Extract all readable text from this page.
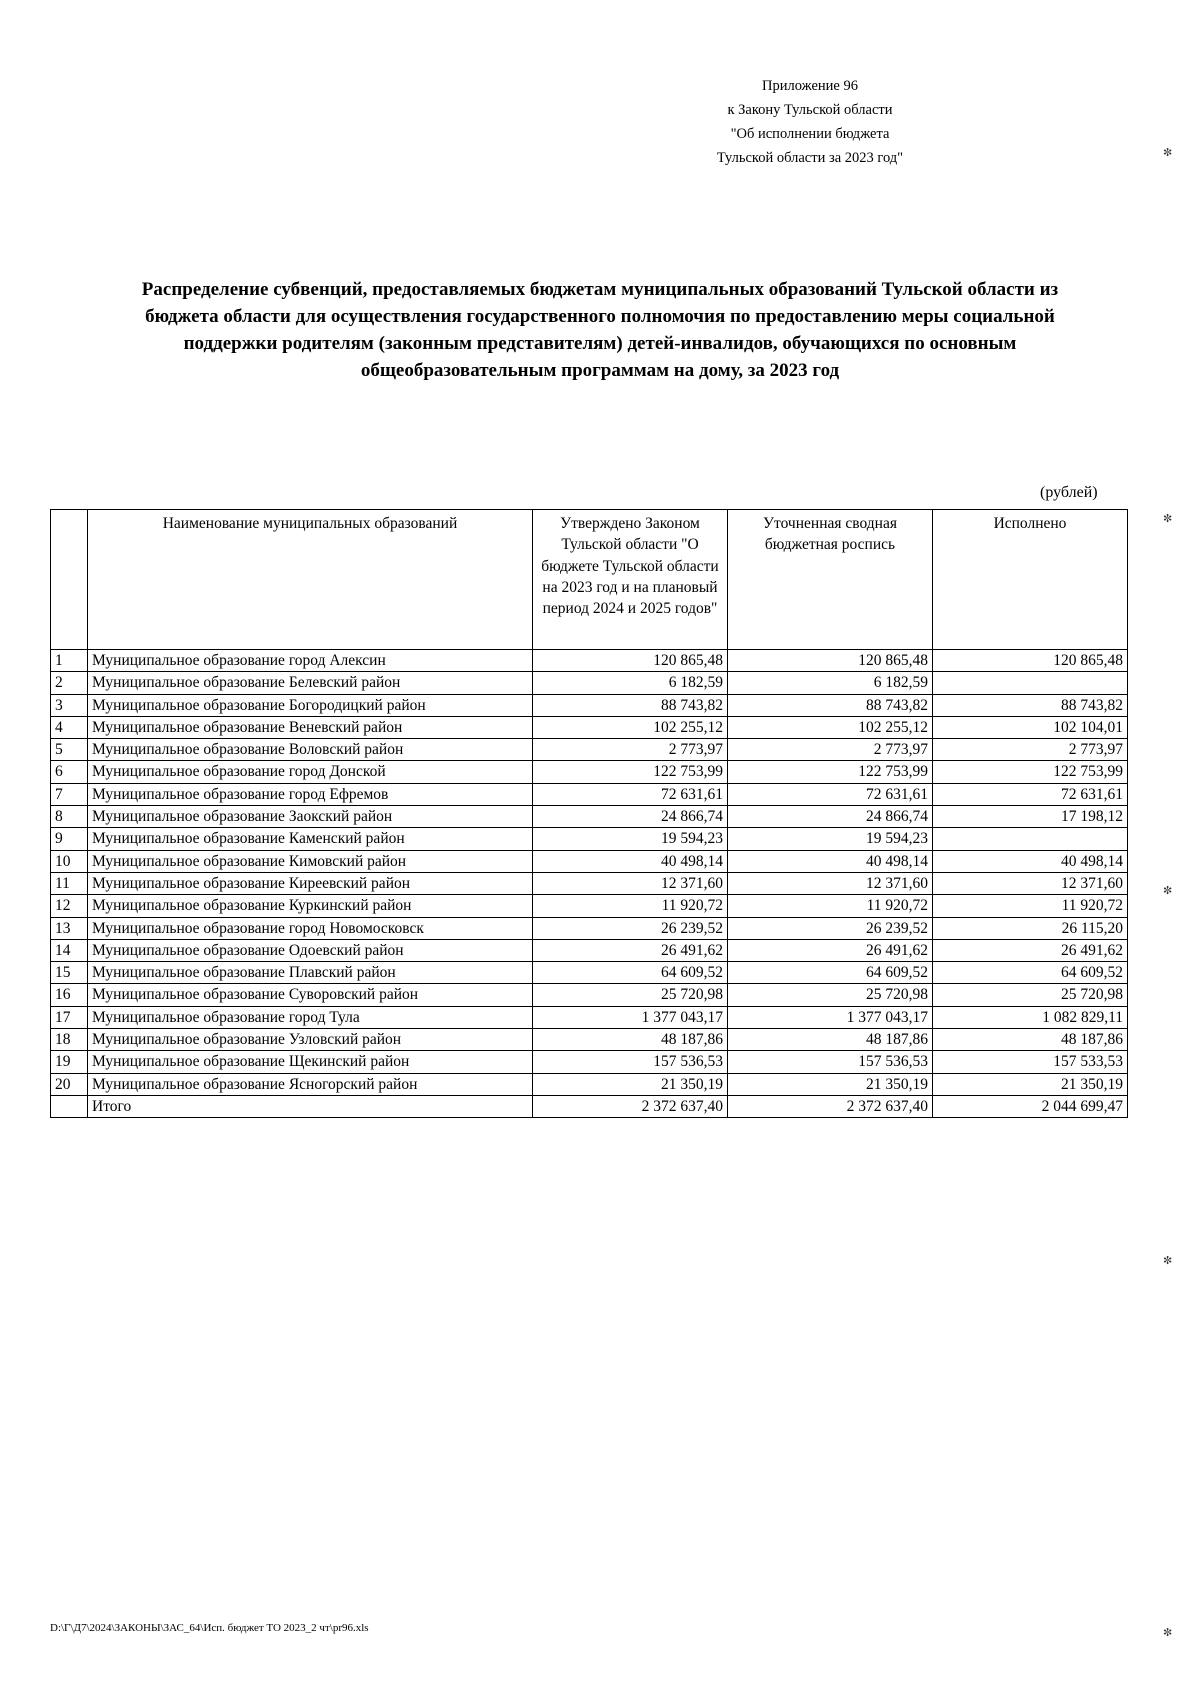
Приложение 96
к Закону Тульской области
"Об исполнении бюджета
Тульской области за 2023 год"
Распределение субвенций, предоставляемых бюджетам муниципальных образований Тульской области из
бюджета области для осуществления государственного полномочия по предоставлению меры социальной
поддержки родителям (законным представителям) детей-инвалидов, обучающихся по основным
общеобразовательным программам на дому, за 2023 год
(рублей)
	Наименование муниципальных образований	Утверждено Законом Тульской области "О бюджете Тульской области на 2023 год и на плановый период 2024 и 2025 годов"	Уточненная сводная бюджетная роспись	Исполнено
1	Муниципальное образование город Алексин	120 865,48	120 865,48	120 865,48
2	Муниципальное образование Белевский район	6 182,59	6 182,59	
3	Муниципальное образование Богородицкий район	88 743,82	88 743,82	88 743,82
4	Муниципальное образование Веневский район	102 255,12	102 255,12	102 104,01
5	Муниципальное образование Воловский район	2 773,97	2 773,97	2 773,97
6	Муниципальное образование город Донской	122 753,99	122 753,99	122 753,99
7	Муниципальное образование город Ефремов	72 631,61	72 631,61	72 631,61
8	Муниципальное образование Заокский район	24 866,74	24 866,74	17 198,12
9	Муниципальное образование Каменский район	19 594,23	19 594,23	
10	Муниципальное образование Кимовский район	40 498,14	40 498,14	40 498,14
11	Муниципальное образование Киреевский район	12 371,60	12 371,60	12 371,60
12	Муниципальное образование Куркинский район	11 920,72	11 920,72	11 920,72
13	Муниципальное образование город Новомосковск	26 239,52	26 239,52	26 115,20
14	Муниципальное образование Одоевский район	26 491,62	26 491,62	26 491,62
15	Муниципальное образование Плавский район	64 609,52	64 609,52	64 609,52
16	Муниципальное образование Суворовский район	25 720,98	25 720,98	25 720,98
17	Муниципальное образование город Тула	1 377 043,17	1 377 043,17	1 082 829,11
18	Муниципальное образование Узловский район	48 187,86	48 187,86	48 187,86
19	Муниципальное образование Щекинский район	157 536,53	157 536,53	157 533,53
20	Муниципальное образование Ясногорский район	21 350,19	21 350,19	21 350,19
	Итого	2 372 637,40	2 372 637,40	2 044 699,47
D:\Г\Д7\2024\ЗАКОНЫ\ЗАС_64\Исп. бюджет ТО 2023_2 чт\pr96.xls
✼
✼
✼
✼
✼
